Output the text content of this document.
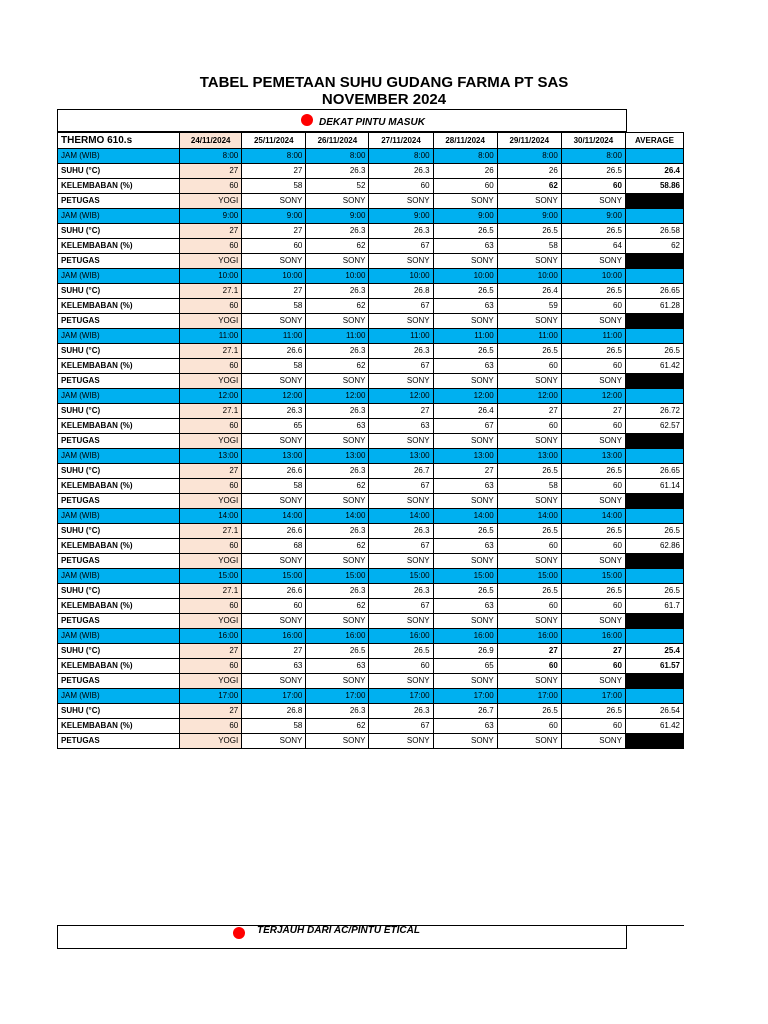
TABEL PEMETAAN SUHU GUDANG FARMA PT SAS
NOVEMBER 2024
DEKAT PINTU MASUK
THERMO 610.s	24/11/2024	25/11/2024	26/11/2024	27/11/2024	28/11/2024	29/11/2024	30/11/2024	AVERAGE
JAM (WIB)	8:00	8:00	8:00	8:00	8:00	8:00	8:00	
SUHU (°C)	27	27	26.3	26.3	26	26	26.5	26.4
KELEMBABAN (%)	60	58	52	60	60	62	60	58.86
PETUGAS	YOGI	SONY	SONY	SONY	SONY	SONY	SONY	
JAM (WIB)	9:00	9:00	9:00	9:00	9:00	9:00	9:00	
SUHU (°C)	27	27	26.3	26.3	26.5	26.5	26.5	26.58
KELEMBABAN (%)	60	60	62	67	63	58	64	62
PETUGAS	YOGI	SONY	SONY	SONY	SONY	SONY	SONY	
JAM (WIB)	10:00	10:00	10:00	10:00	10:00	10:00	10:00	
SUHU (°C)	27.1	27	26.3	26.8	26.5	26.4	26.5	26.65
KELEMBABAN (%)	60	58	62	67	63	59	60	61.28
PETUGAS	YOGI	SONY	SONY	SONY	SONY	SONY	SONY	
JAM (WIB)	11:00	11:00	11:00	11:00	11:00	11:00	11:00	
SUHU (°C)	27.1	26.6	26.3	26.3	26.5	26.5	26.5	26.5
KELEMBABAN (%)	60	58	62	67	63	60	60	61.42
PETUGAS	YOGI	SONY	SONY	SONY	SONY	SONY	SONY	
JAM (WIB)	12:00	12:00	12:00	12:00	12:00	12:00	12:00	
SUHU (°C)	27.1	26.3	26.3	27	26.4	27	27	26.72
KELEMBABAN (%)	60	65	63	63	67	60	60	62.57
PETUGAS	YOGI	SONY	SONY	SONY	SONY	SONY	SONY	
JAM (WIB)	13:00	13:00	13:00	13:00	13:00	13:00	13:00	
SUHU (°C)	27	26.6	26.3	26.7	27	26.5	26.5	26.65
KELEMBABAN (%)	60	58	62	67	63	58	60	61.14
PETUGAS	YOGI	SONY	SONY	SONY	SONY	SONY	SONY	
JAM (WIB)	14:00	14:00	14:00	14:00	14:00	14:00	14:00	
SUHU (°C)	27.1	26.6	26.3	26.3	26.5	26.5	26.5	26.5
KELEMBABAN (%)	60	68	62	67	63	60	60	62.86
PETUGAS	YOGI	SONY	SONY	SONY	SONY	SONY	SONY	
JAM (WIB)	15:00	15:00	15:00	15:00	15:00	15:00	15:00	
SUHU (°C)	27.1	26.6	26.3	26.3	26.5	26.5	26.5	26.5
KELEMBABAN (%)	60	60	62	67	63	60	60	61.7
PETUGAS	YOGI	SONY	SONY	SONY	SONY	SONY	SONY	
JAM (WIB)	16:00	16:00	16:00	16:00	16:00	16:00	16:00	
SUHU (°C)	27	27	26.5	26.5	26.9	27	27	25.4
KELEMBABAN (%)	60	63	63	60	65	60	60	61.57
PETUGAS	YOGI	SONY	SONY	SONY	SONY	SONY	SONY	
JAM (WIB)	17:00	17:00	17:00	17:00	17:00	17:00	17:00	
SUHU (°C)	27	26.8	26.3	26.3	26.7	26.5	26.5	26.54
KELEMBABAN (%)	60	58	62	67	63	60	60	61.42
PETUGAS	YOGI	SONY	SONY	SONY	SONY	SONY	SONY	
TERJAUH DARI AC/PINTU ETICAL
